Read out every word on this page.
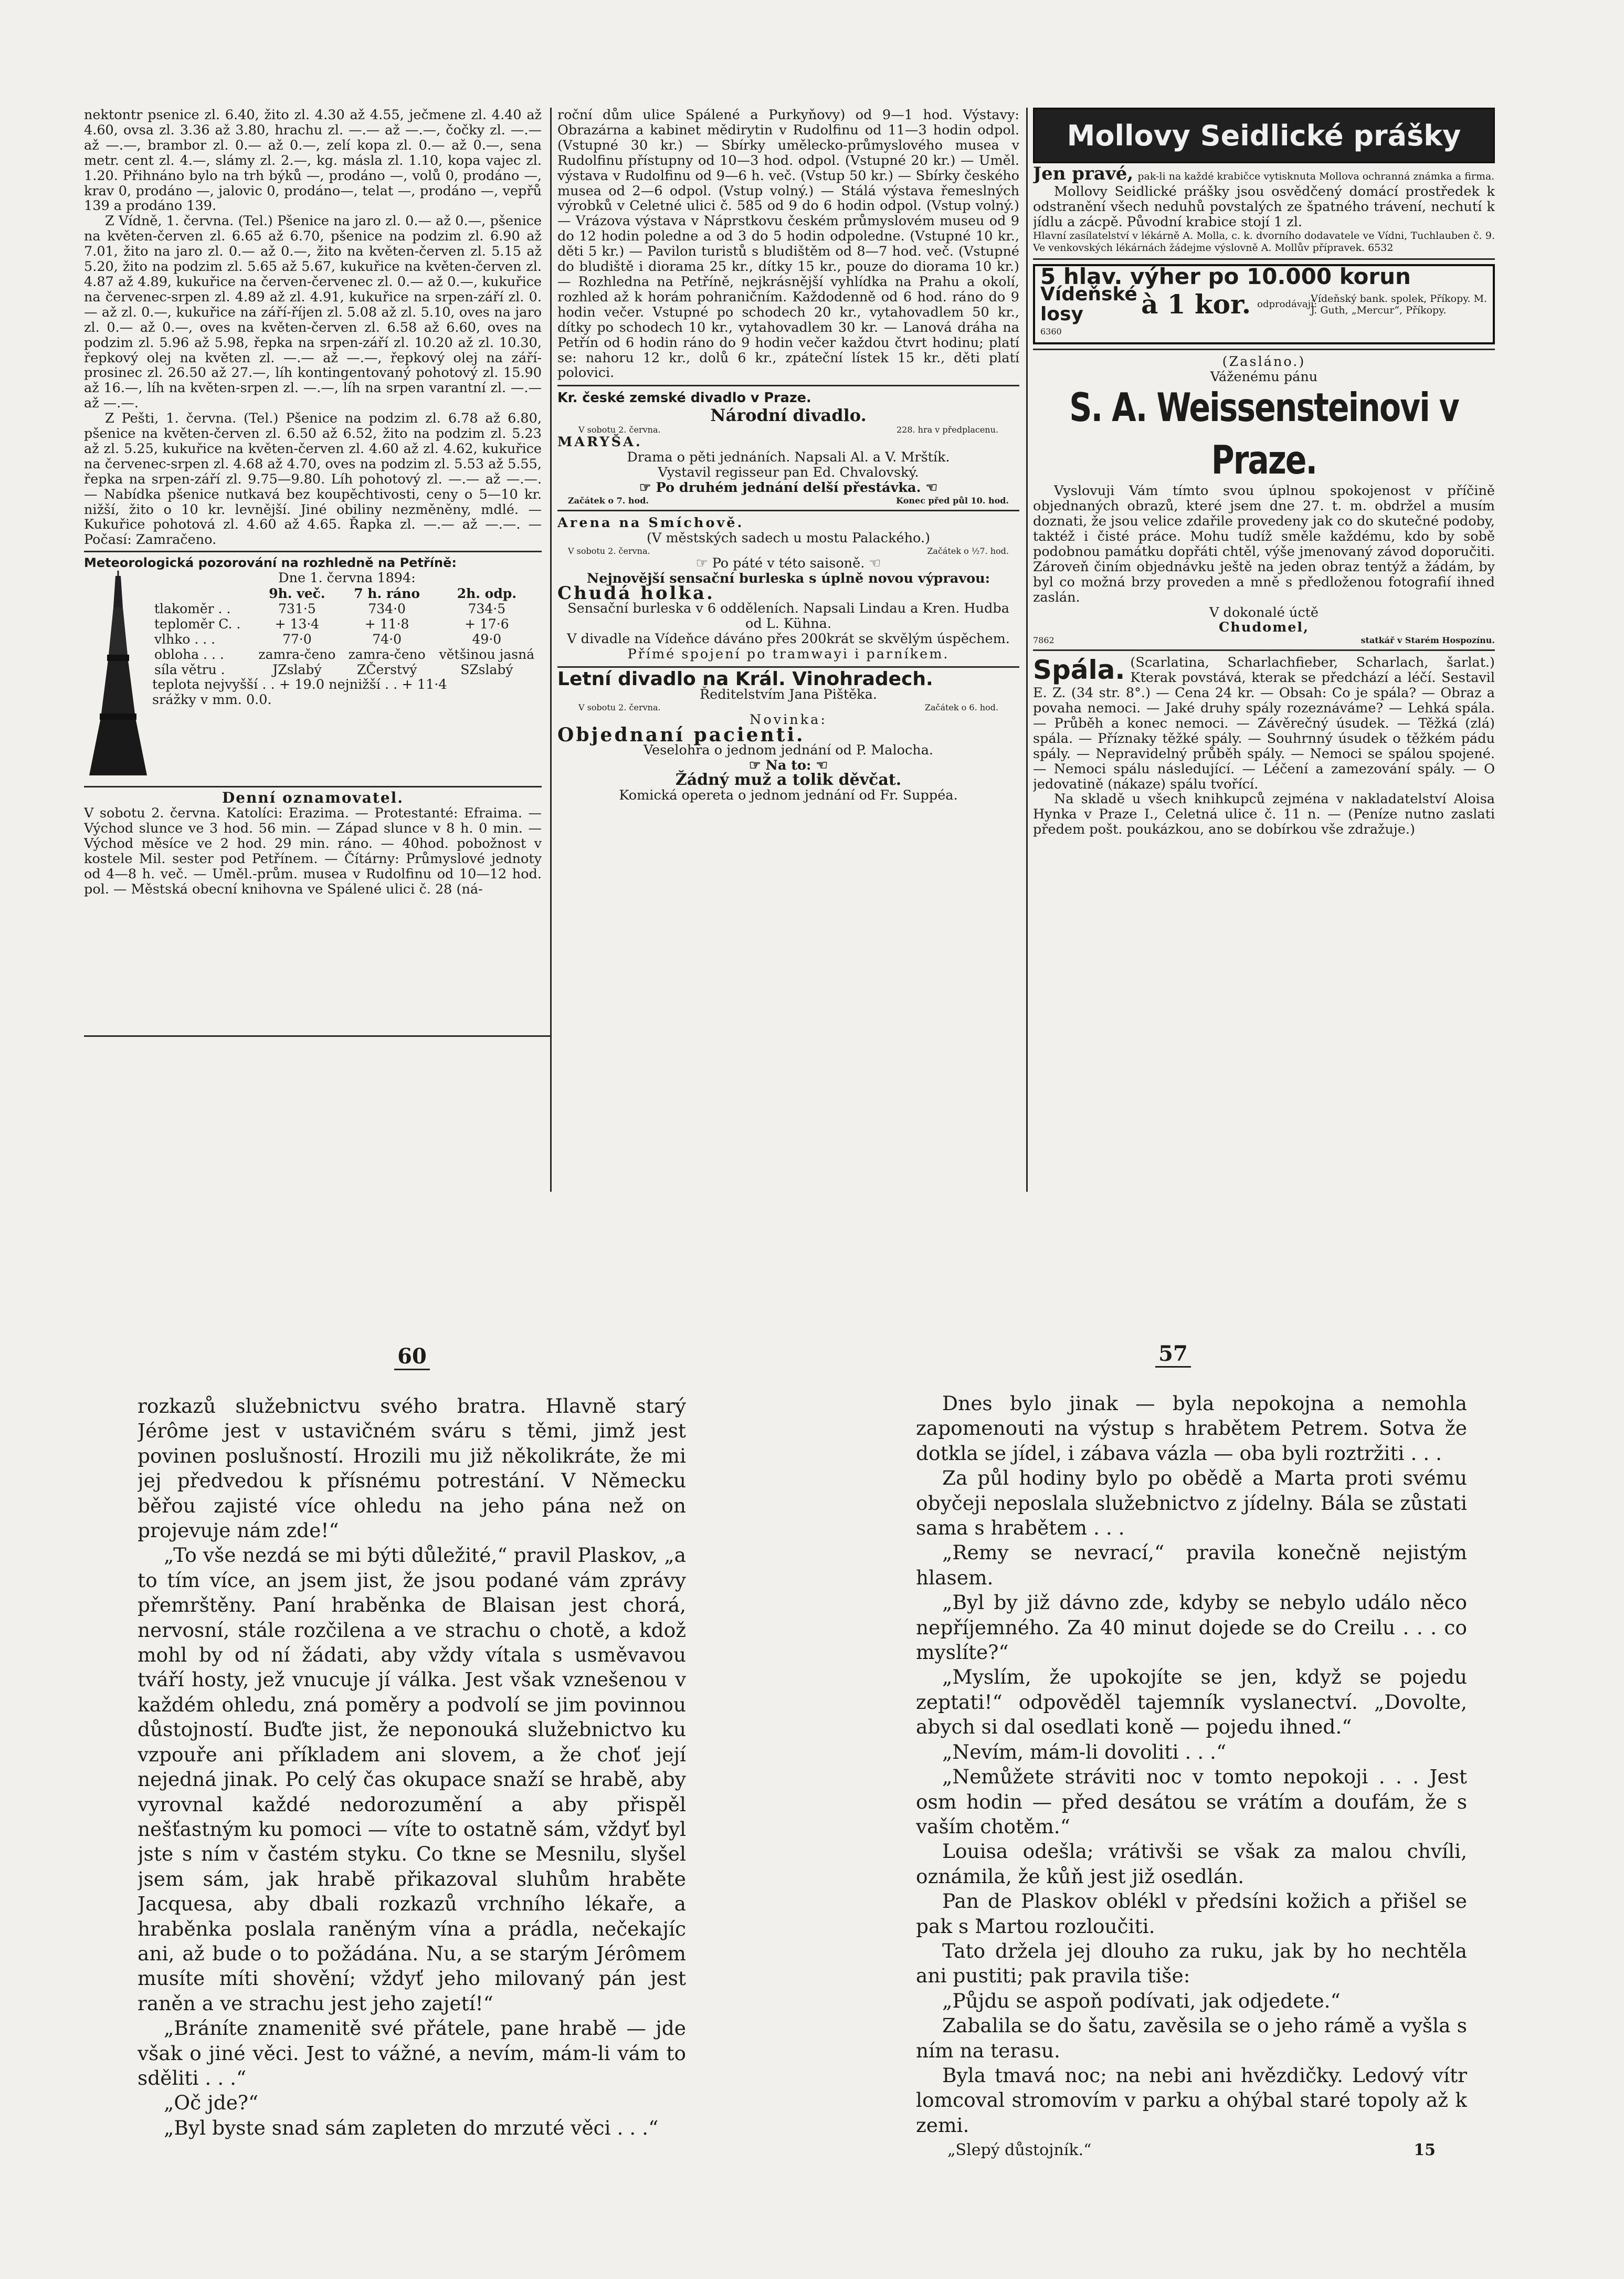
nektontr psenice zl. 6.40, žito zl. 4.30 až 4.55, ječmene zl. 4.40 až 4.60, ovsa zl. 3.36 až 3.80, hrachu zl. —.— až —.—, čočky zl. —.— až —.—, brambor zl. 0.— až 0.—, zelí kopa zl. 0.— až 0.—, sena metr. cent zl. 4.—, slámy zl. 2.—, kg. másla zl. 1.10, kopa vajec zl. 1.20. Přihnáno bylo na trh býků —, prodáno —, volů 0, prodáno —, krav 0, prodáno —, jalovic 0, prodáno—, telat —, prodáno —, vepřů 139 a prodáno 139.

Z Vídně, 1. června. (Tel.) Pšenice na jaro zl. 0.— až 0.—, pšenice na květen-červen zl. 6.65 až 6.70, pšenice na podzim zl. 6.90 až 7.01, žito na jaro zl. 0.— až 0.—, žito na květen-červen zl. 5.15 až 5.20, žito na podzim zl. 5.65 až 5.67, kukuřice na květen-červen zl. 4.87 až 4.89, kukuřice na červen-červenec zl. 0.— až 0.—, kukuřice na červenec-srpen zl. 4.89 až zl. 4.91, kukuřice na srpen-září zl. 0.— až zl. 0.—, kukuřice na září-říjen zl. 5.08 až zl. 5.10, oves na jaro zl. 0.— až 0.—, oves na květen-červen zl. 6.58 až 6.60, oves na podzim zl. 5.96 až 5.98, řepka na srpen-září zl. 10.20 až zl. 10.30, řepkový olej na květen zl. —.— až —.—, řepkový olej na září-prosinec zl. 26.50 až 27.—, líh kontingentovaný pohotový zl. 15.90 až 16.—, líh na květen-srpen zl. —.—, líh na srpen varantní zl. —.— až —.—.

Z Pešti, 1. června. (Tel.) Pšenice na podzim zl. 6.78 až 6.80, pšenice na květen-červen zl. 6.50 až 6.52, žito na podzim zl. 5.23 až zl. 5.25, kukuřice na květen-červen zl. 4.60 až zl. 4.62, kukuřice na červenec-srpen zl. 4.68 až 4.70, oves na podzim zl. 5.53 až 5.55, řepka na srpen-září zl. 9.75—9.80. Líh pohotový zl. —.— až —.—. — Nabídka pšenice nutkavá bez koupěchtivosti, ceny o 5—10 kr. nižší, žito o 10 kr. levnější. Jiné obiliny nezměněny, mdlé. — Kukuřice pohotová zl. 4.60 až 4.65. Řapka zl. —.— až —.—. — Počasí: Zamračeno.

Meteorologická pozorování na rozhledně na Petříně:

Dne 1. června 1894:

	9h. več.	7 h. ráno	2h. odp.
tlakoměr . .	731·5	734·0	734·5
teploměr C. .	+ 13·4	+ 11·8	+ 17·6
vlhko . . .	77·0	74·0	49·0
obloha . . .	zamra-čeno	zamra-čeno	většinou jasná
síla větru .	JZslabý	ZČerstvý	SZslabý

teplota nejvyšší . . + 19.0 nejnižší . . + 11·4

srážky v mm. 0.0.

Denní oznamovatel.

V sobotu 2. června. Katolíci: Erazima. — Protestanté: Efraima. — Východ slunce ve 3 hod. 56 min. — Západ slunce v 8 h. 0 min. — Východ měsíce ve 2 hod. 29 min. ráno. — 40hod. pobožnost v kostele Mil. sester pod Petřínem. — Čítárny: Průmyslové jednoty od 4—8 h. več. — Uměl.-prům. musea v Rudolfinu od 10—12 hod. pol. — Městská obecní knihovna ve Spálené ulici č. 28 (ná-

roční dům ulice Spálené a Purkyňovy) od 9—1 hod. Výstavy: Obrazárna a kabinet mědirytin v Rudolfinu od 11—3 hodin odpol. (Vstupné 30 kr.) — Sbírky umělecko-průmyslového musea v Rudolfinu přístupny od 10—3 hod. odpol. (Vstupné 20 kr.) — Uměl. výstava v Rudolfinu od 9—6 h. več. (Vstup 50 kr.) — Sbírky českého musea od 2—6 odpol. (Vstup volný.) — Stálá výstava řemeslných výrobků v Celetné ulici č. 585 od 9 do 6 hodin odpol. (Vstup volný.) — Vrázova výstava v Náprstkovu českém průmyslovém museu od 9 do 12 hodin poledne a od 3 do 5 hodin odpoledne. (Vstupné 10 kr., děti 5 kr.) — Pavilon turistů s bludištěm od 8—7 hod. več. (Vstupné do bludiště i diorama 25 kr., dítky 15 kr., pouze do diorama 10 kr.) — Rozhledna na Petříně, nejkrásnější vyhlídka na Prahu a okolí, rozhled až k horám pohraničním. Každodenně od 6 hod. ráno do 9 hodin večer. Vstupné po schodech 20 kr., vytahovadlem 50 kr., dítky po schodech 10 kr., vytahovadlem 30 kr. — Lanová dráha na Petřín od 6 hodin ráno do 9 hodin večer každou čtvrt hodinu; platí se: nahoru 12 kr., dolů 6 kr., zpáteční lístek 15 kr., děti platí polovici.

Kr. české zemské divadlo v Praze.

Národní divadlo.

V sobotu 2. června.	228. hra v předplacenu.

MARYŠA.

Drama o pěti jednáních. Napsali Al. a V. Mrštík.

Vystavil regisseur pan Ed. Chvalovský.

☞ Po druhém jednání delší přestávka. ☜

Začátek o 7. hod.	Konec před půl 10. hod.

Arena na Smíchově.

(V městských sadech u mostu Palackého.)

V sobotu 2. června.	Začátek o ½7. hod.

☞ Po páté v této saisoně. ☜

Nejnovější sensační burleska s úplně novou výpravou:

Chudá holka.

Sensační burleska v 6 odděleních. Napsali Lindau a Kren. Hudba od L. Kühna.

V divadle na Vídeňce dáváno přes 200krát se skvělým úspěchem.

Přímé spojení po tramwayi i parníkem.

Letní divadlo na Král. Vinohradech.

Ředitelstvím Jana Pištěka.

V sobotu 2. června.	Začátek o 6. hod.

Novinka:

Objednaní pacienti.

Veselohra o jednom jednání od P. Malocha.

☞ Na to: ☜

Žádný muž a tolik děvčat.

Komická opereta o jednom jednání od Fr. Suppéa.

Mollovy Seidlické prášky

Jen pravé, pak-li na každé krabičce vytisknuta Mollova ochranná známka a firma.

Mollovy Seidlické prášky jsou osvědčený domácí prostředek k odstranění všech neduhů povstalých ze špatného trávení, nechutí k jídlu a zácpě. Původní krabice stojí 1 zl.

Hlavní zasílatelství v lékárně A. Molla, c. k. dvorního dodavatele ve Vídni, Tuchlauben č. 9. Ve venkovských lékárnách žádejme výslovně A. Mollův přípravek. 6532

5 hlav. výher po 10.000 korun

Vídeňské losy	à 1 kor. odprodávají:
Vídeňský bank. spolek, Příkopy. M. J. Guth, „Mercur“, Příkopy.

6360

(Zasláno.)

Váženému pánu

S. A. Weissensteinovi v Praze.

Vyslovuji Vám tímto svou úplnou spokojenost v příčině objednaných obrazů, které jsem dne 27. t. m. obdržel a musím doznati, že jsou velice zdařile provedeny jak co do skutečné podoby, taktéž i čisté práce. Mohu tudíž směle každému, kdo by sobě podobnou památku dopřáti chtěl, výše jmenovaný závod doporučiti. Zároveň činím objednávku ještě na jeden obraz tentýž a žádám, by byl co možná brzy proveden a mně s předloženou fotografií ihned zaslán.

V dokonalé úctě

Chudomel,

7862	statkář v Starém Hospozínu.

Spála. (Scarlatina, Scharlachfieber, Scharlach, šarlat.) Kterak povstává, kterak se předchází a léčí. Sestavil E. Z. (34 str. 8°.) — Cena 24 kr. — Obsah: Co je spála? — Obraz a povaha nemoci. — Jaké druhy spály rozeznáváme? — Lehká spála. — Průběh a konec nemoci. — Závěrečný úsudek. — Těžká (zlá) spála. — Příznaky těžké spály. — Souhrnný úsudek o těžkém pádu spály. — Nepravidelný průběh spály. — Nemoci se spálou spojené. — Nemoci spálu následující. — Léčení a zamezování spály. — O jedovatině (nákaze) spálu tvořící.

Na skladě u všech knihkupců zejména v nakladatelství Aloisa Hynka v Praze I., Celetná ulice č. 11 n. — (Peníze nutno zaslati předem pošt. poukázkou, ano se dobírkou vše zdražuje.)

60	57

rozkazů služebnictvu svého bratra. Hlavně starý Jérôme jest v ustavičném sváru s těmi, jimž jest povinen poslušností. Hrozili mu již několikráte, že mi jej předvedou k přísnému potrestání. V Německu běřou zajisté více ohledu na jeho pána než on projevuje nám zde!“

„To vše nezdá se mi býti důležité,“ pravil Plaskov, „a to tím více, an jsem jist, že jsou podané vám zprávy přemrštěny. Paní hraběnka de Blaisan jest chorá, nervosní, stále rozčilena a ve strachu o chotě, a kdož mohl by od ní žádati, aby vždy vítala s usměvavou tváří hosty, jež vnucuje jí válka. Jest však vznešenou v každém ohledu, zná poměry a podvolí se jim povinnou důstojností. Buďte jist, že neponouká služebnictvo ku vzpouře ani příkladem ani slovem, a že choť její nejedná jinak. Po celý čas okupace snaží se hrabě, aby vyrovnal každé nedorozumění a aby přispěl nešťastným ku pomoci — víte to ostatně sám, vždyť byl jste s ním v častém styku. Co tkne se Mesnilu, slyšel jsem sám, jak hrabě přikazoval sluhům hraběte Jacquesa, aby dbali rozkazů vrchního lékaře, a hraběnka poslala raněným vína a prádla, nečekajíc ani, až bude o to požádána. Nu, a se starým Jérômem musíte míti shovění; vždyť jeho milovaný pán jest raněn a ve strachu jest jeho zajetí!“

„Bráníte znamenitě své přátele, pane hrabě — jde však o jiné věci. Jest to vážné, a nevím, mám-li vám to sděliti . . .“

„Oč jde?“

„Byl byste snad sám zapleten do mrzuté věci . . .“

Dnes bylo jinak — byla nepokojna a nemohla zapomenouti na výstup s hrabětem Petrem. Sotva že dotkla se jídel, i zábava vázla — oba byli roztržiti . . .

Za půl hodiny bylo po obědě a Marta proti svému obyčeji neposlala služebnictvo z jídelny. Bála se zůstati sama s hrabětem . . .

„Remy se nevrací,“ pravila konečně nejistým hlasem.

„Byl by již dávno zde, kdyby se nebylo událo něco nepříjemného. Za 40 minut dojede se do Creilu . . . co myslíte?“

„Myslím, že upokojíte se jen, když se pojedu zeptati!“ odpověděl tajemník vyslanectví. „Dovolte, abych si dal osedlati koně — pojedu ihned.“

„Nevím, mám-li dovoliti . . .“

„Nemůžete stráviti noc v tomto nepokoji . . . Jest osm hodin — před desátou se vrátím a doufám, že s vaším chotěm.“

Louisa odešla; vrátivši se však za malou chvíli, oznámila, že kůň jest již osedlán.

Pan de Plaskov oblékl v předsíni kožich a přišel se pak s Martou rozloučiti.

Tato držela jej dlouho za ruku, jak by ho nechtěla ani pustiti; pak pravila tiše:

„Půjdu se aspoň podívati, jak odjedete.“

Zabalila se do šatu, zavěsila se o jeho rámě a vyšla s ním na terasu.

Byla tmavá noc; na nebi ani hvězdičky. Ledový vítr lomcoval stromovím v parku a ohýbal staré topoly až k zemi.

„Slepý důstojník.“	15
